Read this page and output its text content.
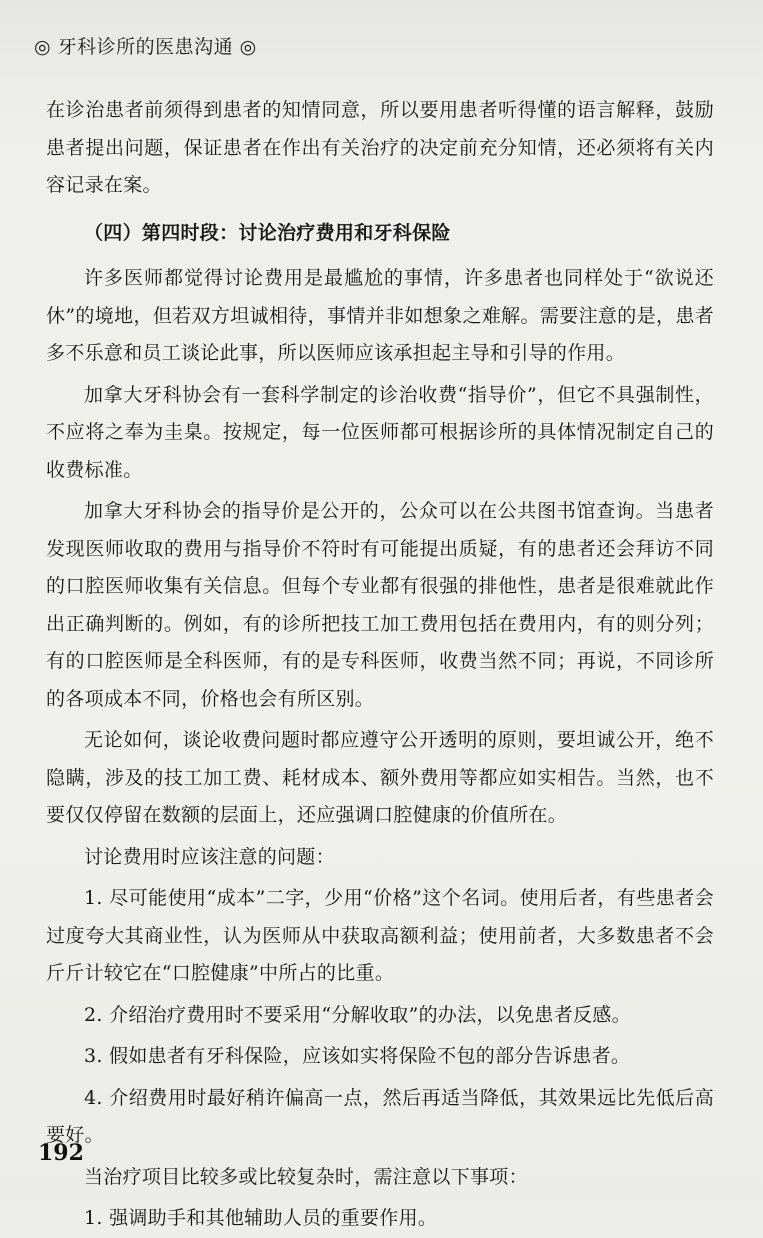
◎ 牙科诊所的医患沟通 ◎

在诊治患者前须得到患者的知情同意，所以要用患者听得懂的语言解释，鼓励患者提出问题，保证患者在作出有关治疗的决定前充分知情，还必须将有关内容记录在案。

（四）第四时段：讨论治疗费用和牙科保险

许多医师都觉得讨论费用是最尴尬的事情，许多患者也同样处于“欲说还休”的境地，但若双方坦诚相待，事情并非如想象之难解。需要注意的是，患者多不乐意和员工谈论此事，所以医师应该承担起主导和引导的作用。

加拿大牙科协会有一套科学制定的诊治收费“指导价”，但它不具强制性，不应将之奉为圭臬。按规定，每一位医师都可根据诊所的具体情况制定自己的收费标准。

加拿大牙科协会的指导价是公开的，公众可以在公共图书馆查询。当患者发现医师收取的费用与指导价不符时有可能提出质疑，有的患者还会拜访不同的口腔医师收集有关信息。但每个专业都有很强的排他性，患者是很难就此作出正确判断的。例如，有的诊所把技工加工费用包括在费用内，有的则分列；有的口腔医师是全科医师，有的是专科医师，收费当然不同；再说，不同诊所的各项成本不同，价格也会有所区别。

无论如何，谈论收费问题时都应遵守公开透明的原则，要坦诚公开，绝不隐瞒，涉及的技工加工费、耗材成本、额外费用等都应如实相告。当然，也不要仅仅停留在数额的层面上，还应强调口腔健康的价值所在。

讨论费用时应该注意的问题：

1. 尽可能使用“成本”二字，少用“价格”这个名词。使用后者，有些患者会过度夸大其商业性，认为医师从中获取高额利益；使用前者，大多数患者不会斤斤计较它在“口腔健康”中所占的比重。

2. 介绍治疗费用时不要采用“分解收取”的办法，以免患者反感。

3. 假如患者有牙科保险，应该如实将保险不包的部分告诉患者。

4. 介绍费用时最好稍许偏高一点，然后再适当降低，其效果远比先低后高要好。

当治疗项目比较多或比较复杂时，需注意以下事项：

1. 强调助手和其他辅助人员的重要作用。

192
